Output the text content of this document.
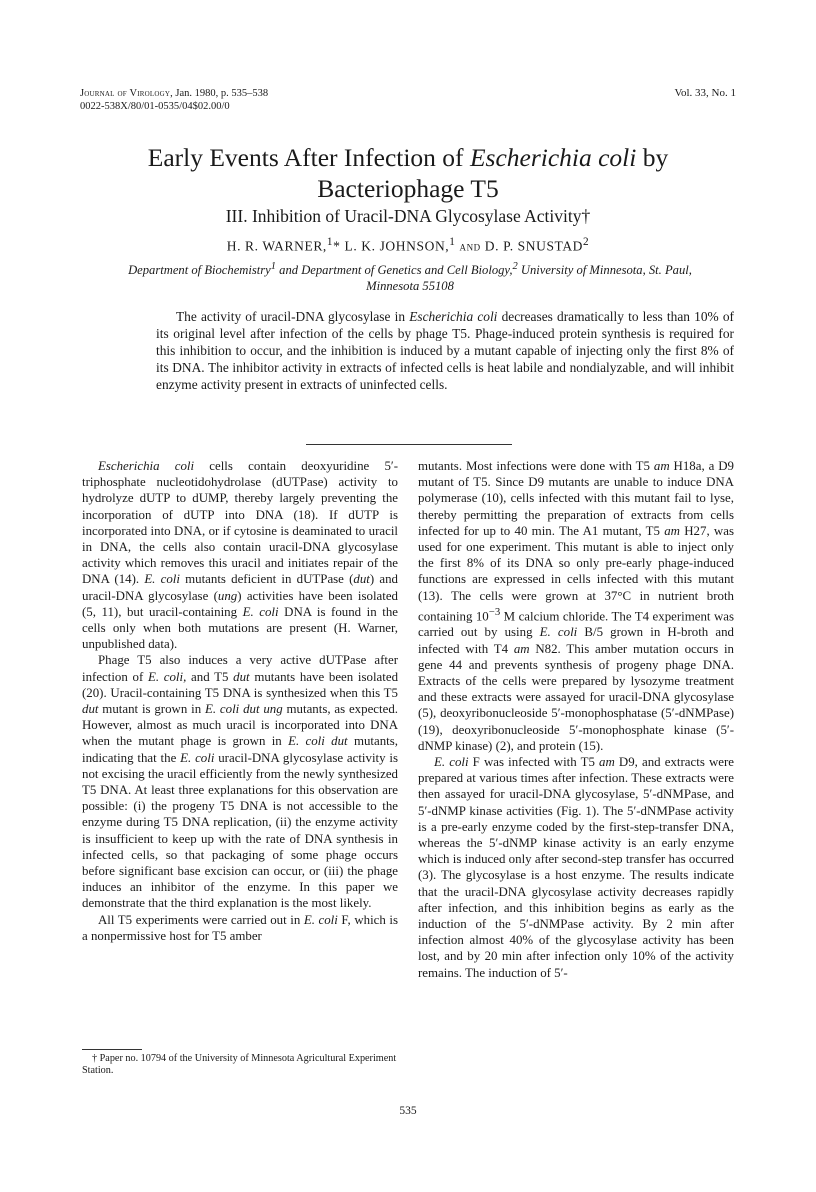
Journal of Virology, Jan. 1980, p. 535–538
0022-538X/80/01-0535/04$02.00/0
Vol. 33, No. 1
Early Events After Infection of Escherichia coli by
Bacteriophage T5
III. Inhibition of Uracil-DNA Glycosylase Activity†
H. R. WARNER,$^1$* L. K. JOHNSON,$^1$ and D. P. SNUSTAD$^2$
Department of Biochemistry$^1$ and Department of Genetics and Cell Biology,$^2$ University of Minnesota, St. Paul, Minnesota 55108
The activity of uracil-DNA glycosylase in Escherichia coli decreases dramatically to less than 10% of its original level after infection of the cells by phage T5. Phage-induced protein synthesis is required for this inhibition to occur, and the inhibition is induced by a mutant capable of injecting only the first 8% of its DNA. The inhibitor activity in extracts of infected cells is heat labile and nondialyzable, and will inhibit enzyme activity present in extracts of uninfected cells.

Escherichia coli cells contain deoxyuridine 5′-triphosphate nucleotidohydrolase (dUTPase) activity to hydrolyze dUTP to dUMP, thereby largely preventing the incorporation of dUTP into DNA (18). If dUTP is incorporated into DNA, or if cytosine is deaminated to uracil in DNA, the cells also contain uracil-DNA glycosylase activity which removes this uracil and initiates repair of the DNA (14). E. coli mutants deficient in dUTPase (dut) and uracil-DNA glycosylase (ung) activities have been isolated (5, 11), but uracil-containing E. coli DNA is found in the cells only when both mutations are present (H. Warner, unpublished data).

Phage T5 also induces a very active dUTPase after infection of E. coli, and T5 dut mutants have been isolated (20). Uracil-containing T5 DNA is synthesized when this T5 dut mutant is grown in E. coli dut ung mutants, as expected. However, almost as much uracil is incorporated into DNA when the mutant phage is grown in E. coli dut mutants, indicating that the E. coli uracil-DNA glycosylase activity is not excising the uracil efficiently from the newly synthesized T5 DNA. At least three explanations for this observation are possible: (i) the progeny T5 DNA is not accessible to the enzyme during T5 DNA replication, (ii) the enzyme activity is insufficient to keep up with the rate of DNA synthesis in infected cells, so that packaging of some phage occurs before significant base excision can occur, or (iii) the phage induces an inhibitor of the enzyme. In this paper we demonstrate that the third explanation is the most likely.

All T5 experiments were carried out in E. coli F, which is a nonpermissive host for T5 amber

† Paper no. 10794 of the University of Minnesota Agricultural Experiment Station.

mutants. Most infections were done with T5 am H18a, a D9 mutant of T5. Since D9 mutants are unable to induce DNA polymerase (10), cells infected with this mutant fail to lyse, thereby permitting the preparation of extracts from cells infected for up to 40 min. The A1 mutant, T5 am H27, was used for one experiment. This mutant is able to inject only the first 8% of its DNA so only pre-early phage-induced functions are expressed in cells infected with this mutant (13). The cells were grown at 37°C in nutrient broth containing $10^{-3}$ M calcium chloride. The T4 experiment was carried out by using E. coli B/5 grown in H-broth and infected with T4 am N82. This amber mutation occurs in gene 44 and prevents synthesis of progeny phage DNA. Extracts of the cells were prepared by lysozyme treatment and these extracts were assayed for uracil-DNA glycosylase (5), deoxyribonucleoside 5′-monophosphatase (5′-dNMPase) (19), deoxyribonucleoside 5′-monophosphate kinase (5′-dNMP kinase) (2), and protein (15).

E. coli F was infected with T5 am D9, and extracts were prepared at various times after infection. These extracts were then assayed for uracil-DNA glycosylase, 5′-dNMPase, and 5′-dNMP kinase activities (Fig. 1). The 5′-dNMPase activity is a pre-early enzyme coded by the first-step-transfer DNA, whereas the 5′-dNMP kinase activity is an early enzyme which is induced only after second-step transfer has occurred (3). The glycosylase is a host enzyme. The results indicate that the uracil-DNA glycosylase activity decreases rapidly after infection, and this inhibition begins as early as the induction of the 5′-dNMPase activity. By 2 min after infection almost 40% of the glycosylase activity has been lost, and by 20 min after infection only 10% of the activity remains. The induction of 5′-

535
